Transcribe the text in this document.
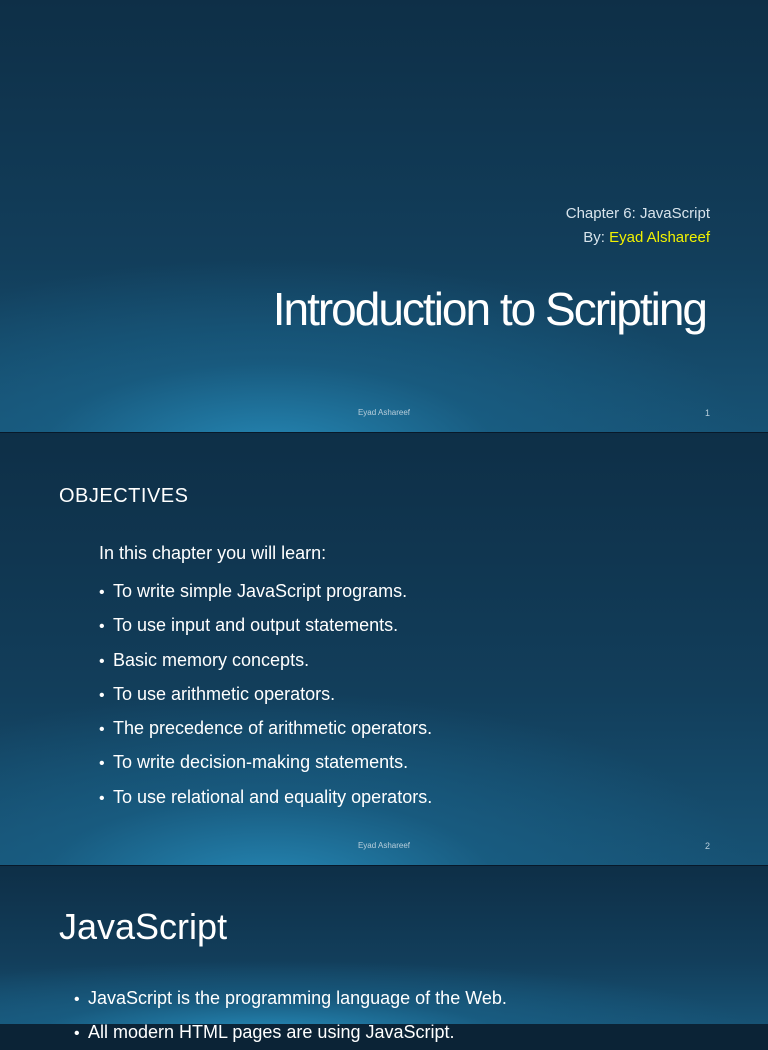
Chapter 6: JavaScript
By: Eyad Alshareef
Introduction to Scripting
Eyad Ashareef	1
OBJECTIVES
In this chapter you will learn:
• To write simple JavaScript programs.
• To use input and output statements.
• Basic memory concepts.
• To use arithmetic operators.
• The precedence of arithmetic operators.
• To write decision-making statements.
• To use relational and equality operators.
Eyad Ashareef	2
JavaScript
• JavaScript is the programming language of the Web.
• All modern HTML pages are using JavaScript.
